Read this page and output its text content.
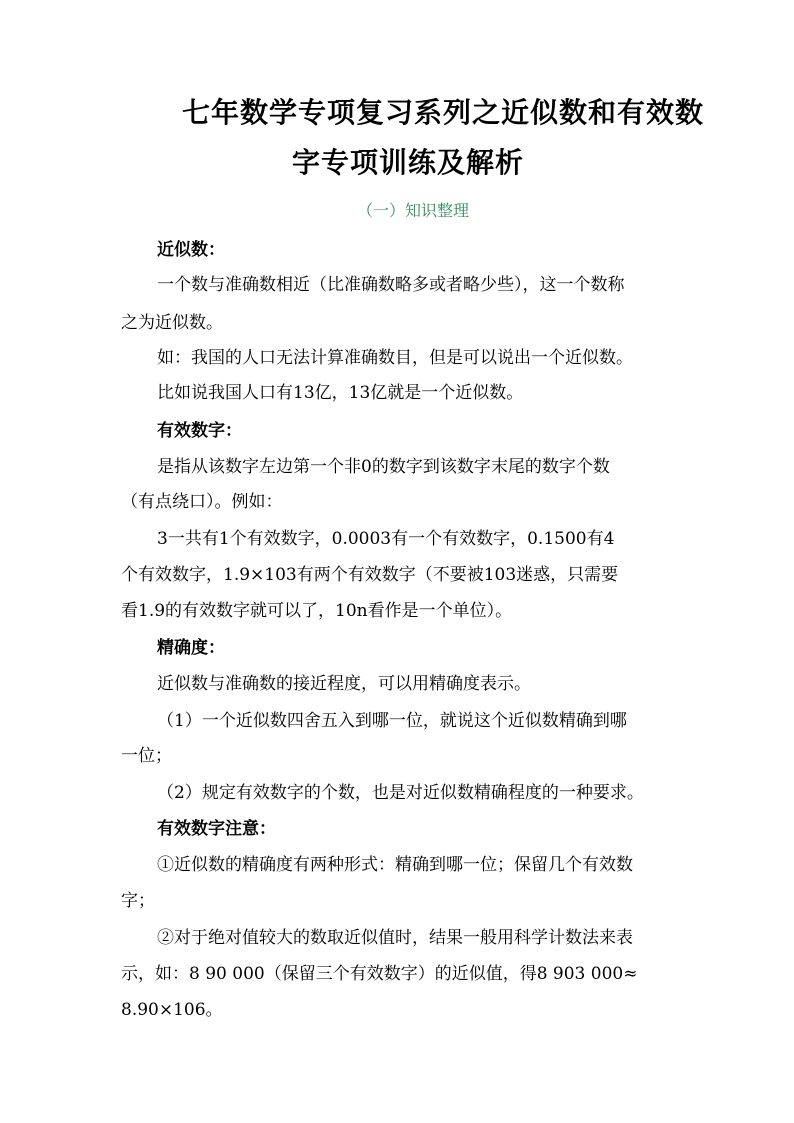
七年数学专项复习系列之近似数和有效数
字专项训练及解析
（一）知识整理
近似数：
一个数与准确数相近（比准确数略多或者略少些），这一个数称
之为近似数。
如：我国的人口无法计算准确数目，但是可以说出一个近似数。
比如说我国人口有13亿，13亿就是一个近似数。
有效数字：
是指从该数字左边第一个非0的数字到该数字末尾的数字个数
（有点绕口）。例如：
3一共有1个有效数字，0.0003有一个有效数字，0.1500有4
个有效数字，1.9×103有两个有效数字（不要被103迷惑，只需要
看1.9的有效数字就可以了，10n看作是一个单位）。
精确度：
近似数与准确数的接近程度，可以用精确度表示。
（1）一个近似数四舍五入到哪一位，就说这个近似数精确到哪
一位；
（2）规定有效数字的个数，也是对近似数精确程度的一种要求。
有效数字注意：
①近似数的精确度有两种形式：精确到哪一位；保留几个有效数
字；
②对于绝对值较大的数取近似值时，结果一般用科学计数法来表
示，如：8 90 000（保留三个有效数字）的近似值，得8 903 000≈
8.90×106。
